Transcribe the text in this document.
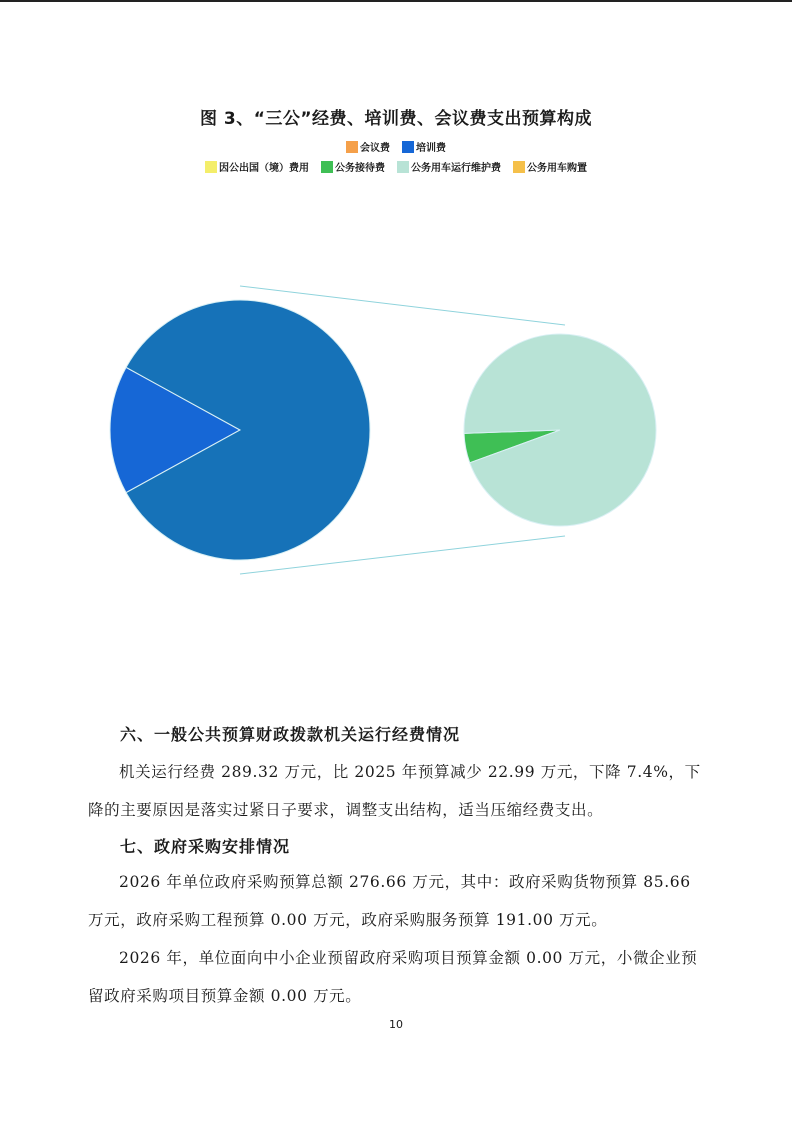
图 3、“三公”经费、培训费、会议费支出预算构成
会议费	培训费
因公出国（境）费用	公务接待费	公务用车运行维护费	公务用车购置
六、一般公共预算财政拨款机关运行经费情况

机关运行经费 289.32 万元，比 2025 年预算减少 22.99 万元，下降 7.4%，下降的主要原因是落实过紧日子要求，调整支出结构，适当压缩经费支出。

七、政府采购安排情况

2026 年单位政府采购预算总额 276.66 万元，其中：政府采购货物预算 85.66 万元，政府采购工程预算 0.00 万元，政府采购服务预算 191.00 万元。

2026 年，单位面向中小企业预留政府采购项目预算金额 0.00 万元，小微企业预留政府采购项目预算金额 0.00 万元。

10
